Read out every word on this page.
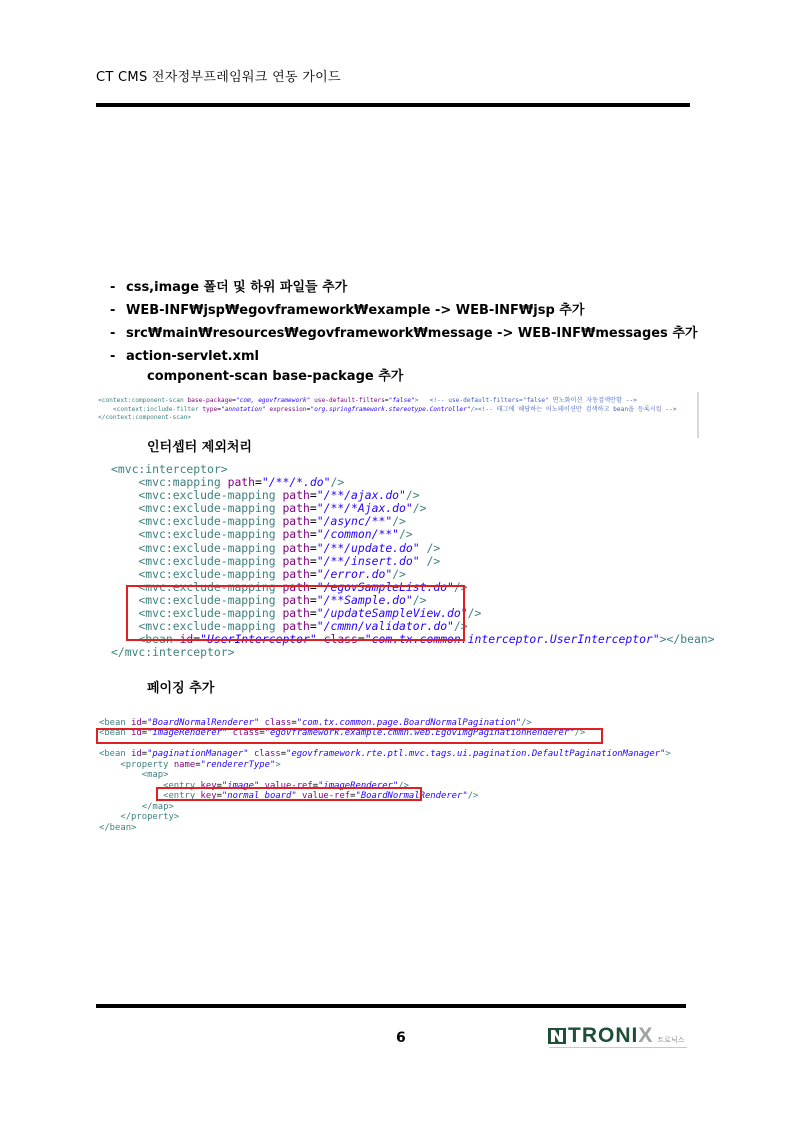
CT CMS 전자정부프레임워크 연동 가이드
- css,image 폴더 및 하위 파일들 추가
- WEB-INF₩jsp₩egovframework₩example -> WEB-INF₩jsp 추가
- src₩main₩resources₩egovframework₩message -> WEB-INF₩messages 추가
- action-servlet.xml
component-scan base-package 추가
<context:component-scan base-package="com, egovframework" use-default-filters="false">   <!-- use-default-filters="false" 면노화이션 자동검색안함 -->
<context:include-filter type="annotation" expression="org.springframework.stereotype.Controller"/><!-- 태그에 해당하는 어노테이션만 검색하고 bean을 등록시킴 -->
</context:component-scan>
인터셉터 제외처리
<mvc:interceptor>
<mvc:mapping path="/**/*.do"/>
<mvc:exclude-mapping path="/**/ajax.do"/>
<mvc:exclude-mapping path="/**/*Ajax.do"/>
<mvc:exclude-mapping path="/async/**"/>
<mvc:exclude-mapping path="/common/**"/>
<mvc:exclude-mapping path="/**/update.do" />
<mvc:exclude-mapping path="/**/insert.do" />
<mvc:exclude-mapping path="/error.do"/>
<mvc:exclude-mapping path="/egovSampleList.do"/>
<mvc:exclude-mapping path="/**Sample.do"/>
<mvc:exclude-mapping path="/updateSampleView.do"/>
<mvc:exclude-mapping path="/cmmn/validator.do"/>
<bean id="UserInterceptor" class="com.tx.common.interceptor.UserInterceptor"></bean>
</mvc:interceptor>
페이징 추가
<bean id="BoardNormalRenderer" class="com.tx.common.page.BoardNormalPagination"/>
<bean id="imageRenderer" class="egovframework.example.cmmn.web.EgovImgPaginationRenderer"/>

<bean id="paginationManager" class="egovframework.rte.ptl.mvc.tags.ui.pagination.DefaultPaginationManager">
<property name="rendererType">
<map>
<entry key="image" value-ref="imageRenderer"/>
<entry key="normal_board" value-ref="BoardNormalRenderer"/>
</map>
</property>
</bean>
6	TRONIX 트로닉스
